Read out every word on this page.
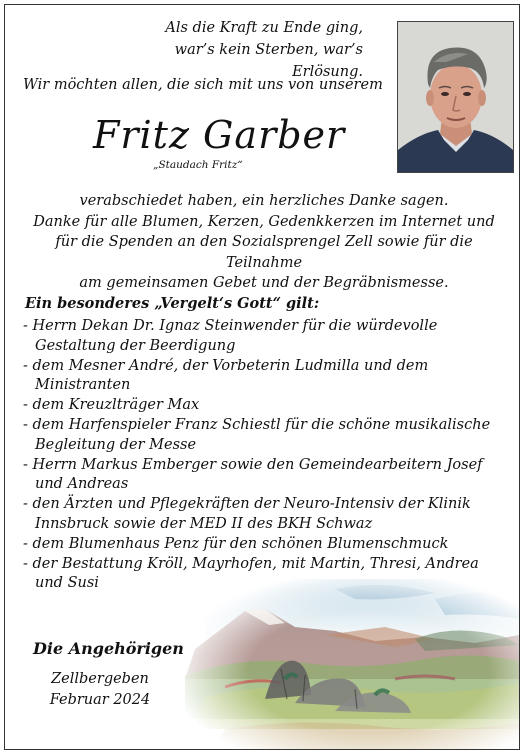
Als die Kraft zu Ende ging,
war’s kein Sterben, war’s Erlösung.
Wir möchten allen, die sich mit uns von unserem
Fritz Garber
„Staudach Fritz“
verabschiedet haben, ein herzliches Danke sagen.
Danke für alle Blumen, Kerzen, Gedenkkerzen im Internet und
für die Spenden an den Sozialsprengel Zell sowie für die Teilnahme
am gemeinsamen Gebet und der Begräbnismesse.
Ein besonderes „Vergelt‘s Gott“ gilt:
- Herrn Dekan Dr. Ignaz Steinwender für die würdevolle Gestaltung der Beerdigung
- dem Mesner André, der Vorbeterin Ludmilla und dem Ministranten
- dem Kreuzlträger Max
- dem Harfenspieler Franz Schiestl für die schöne musikalische Begleitung der Messe
- Herrn Markus Emberger sowie den Gemeindearbeitern Josef und Andreas
- den Ärzten und Pflegekräften der Neuro-Intensiv der Klinik Innsbruck sowie der MED II des BKH Schwaz
- dem Blumenhaus Penz für den schönen Blumenschmuck
- der Bestattung Kröll, Mayrhofen, mit Martin, Thresi, Andrea und Susi
Die Angehörigen
Zellbergeben
Februar 2024
